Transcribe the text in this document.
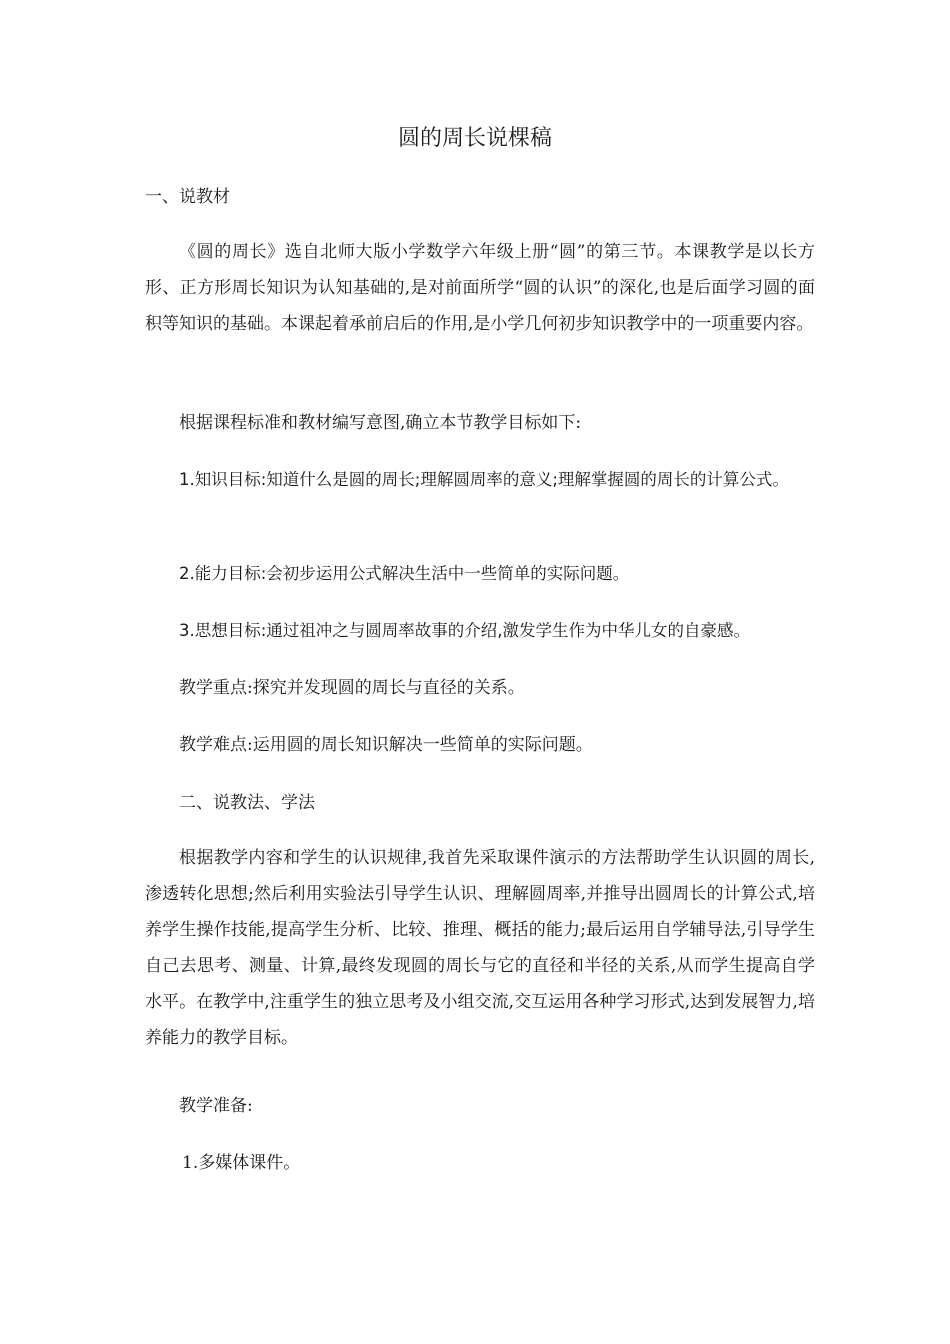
圆的周长说棵稿
一、说教材
《圆的周长》选自北师大版小学数学六年级上册“圆”的第三节。本课教学是以长方形、正方形周长知识为认知基础的,是对前面所学“圆的认识”的深化,也是后面学习圆的面积等知识的基础。本课起着承前启后的作用,是小学几何初步知识教学中的一项重要内容。
根据课程标准和教材编写意图,确立本节教学目标如下:
1.知识目标:知道什么是圆的周长;理解圆周率的意义;理解掌握圆的周长的计算公式。
2.能力目标:会初步运用公式解决生活中一些简单的实际问题。
3.思想目标:通过祖冲之与圆周率故事的介绍,激发学生作为中华儿女的自豪感。
教学重点:探究并发现圆的周长与直径的关系。
教学难点:运用圆的周长知识解决一些简单的实际问题。
二、说教法、学法
根据教学内容和学生的认识规律,我首先采取课件演示的方法帮助学生认识圆的周长,渗透转化思想;然后利用实验法引导学生认识、理解圆周率,并推导出圆周长的计算公式,培养学生操作技能,提高学生分析、比较、推理、概括的能力;最后运用自学辅导法,引导学生自己去思考、测量、计算,最终发现圆的周长与它的直径和半径的关系,从而学生提高自学水平。在教学中,注重学生的独立思考及小组交流,交互运用各种学习形式,达到发展智力,培养能力的教学目标。
教学准备:
1.多媒体课件。
